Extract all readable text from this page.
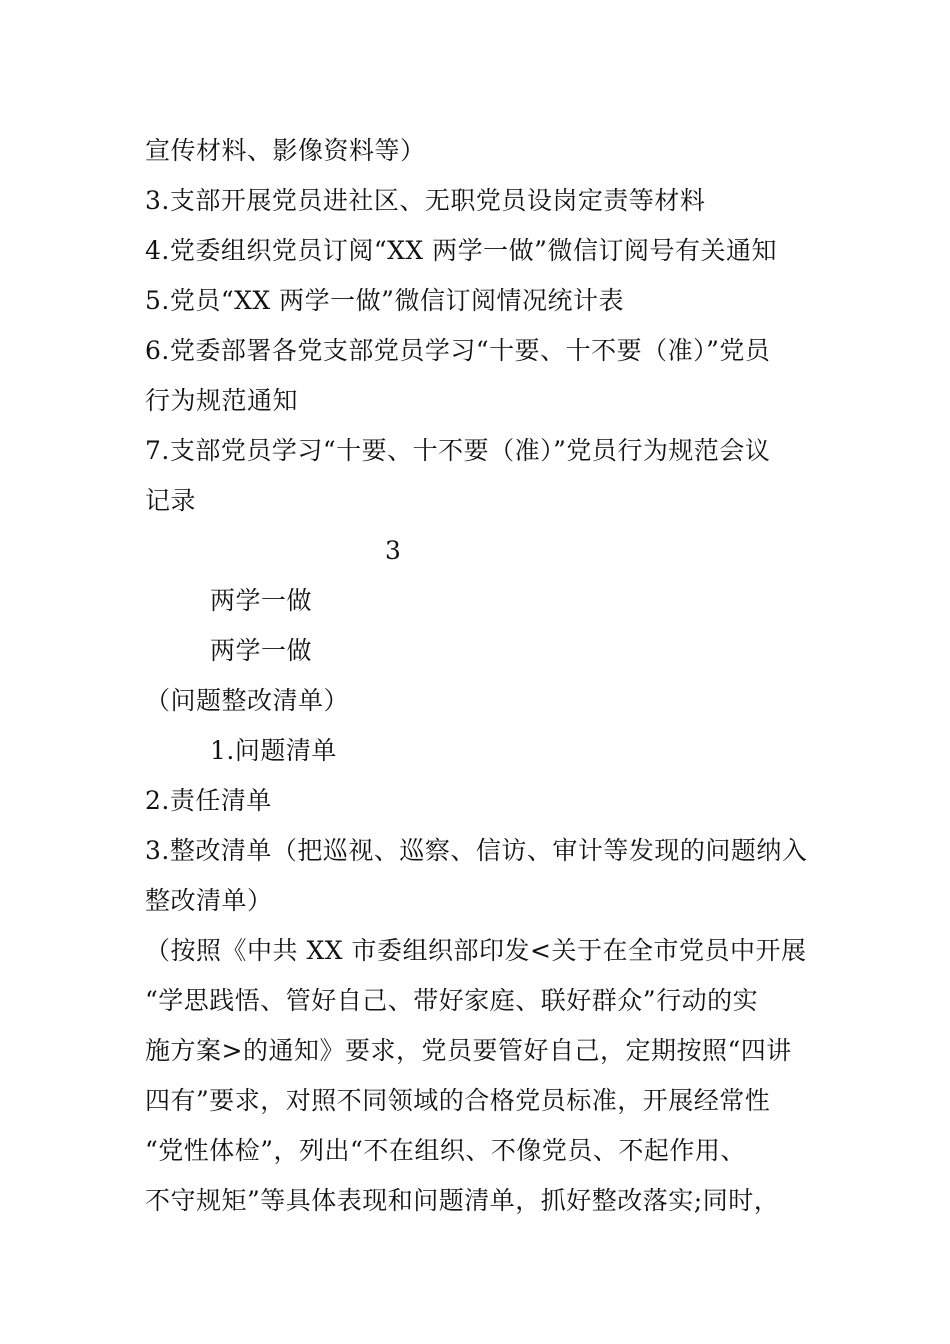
宣传材料、影像资料等）
3.支部开展党员进社区、无职党员设岗定责等材料
4.党委组织党员订阅“XX 两学一做”微信订阅号有关通知
5.党员“XX 两学一做”微信订阅情况统计表
6.党委部署各党支部党员学习“十要、十不要（准）”党员
行为规范通知
7.支部党员学习“十要、十不要（准）”党员行为规范会议
记录
3
两学一做
两学一做
（问题整改清单）
1.问题清单
2.责任清单
3.整改清单（把巡视、巡察、信访、审计等发现的问题纳入
整改清单）
（按照《中共 XX 市委组织部印发<关于在全市党员中开展
“学思践悟、管好自己、带好家庭、联好群众”行动的实
施方案>的通知》要求，党员要管好自己，定期按照“四讲
四有”要求，对照不同领域的合格党员标准，开展经常性
“党性体检”，列出“不在组织、不像党员、不起作用、
不守规矩”等具体表现和问题清单，抓好整改落实;同时，
